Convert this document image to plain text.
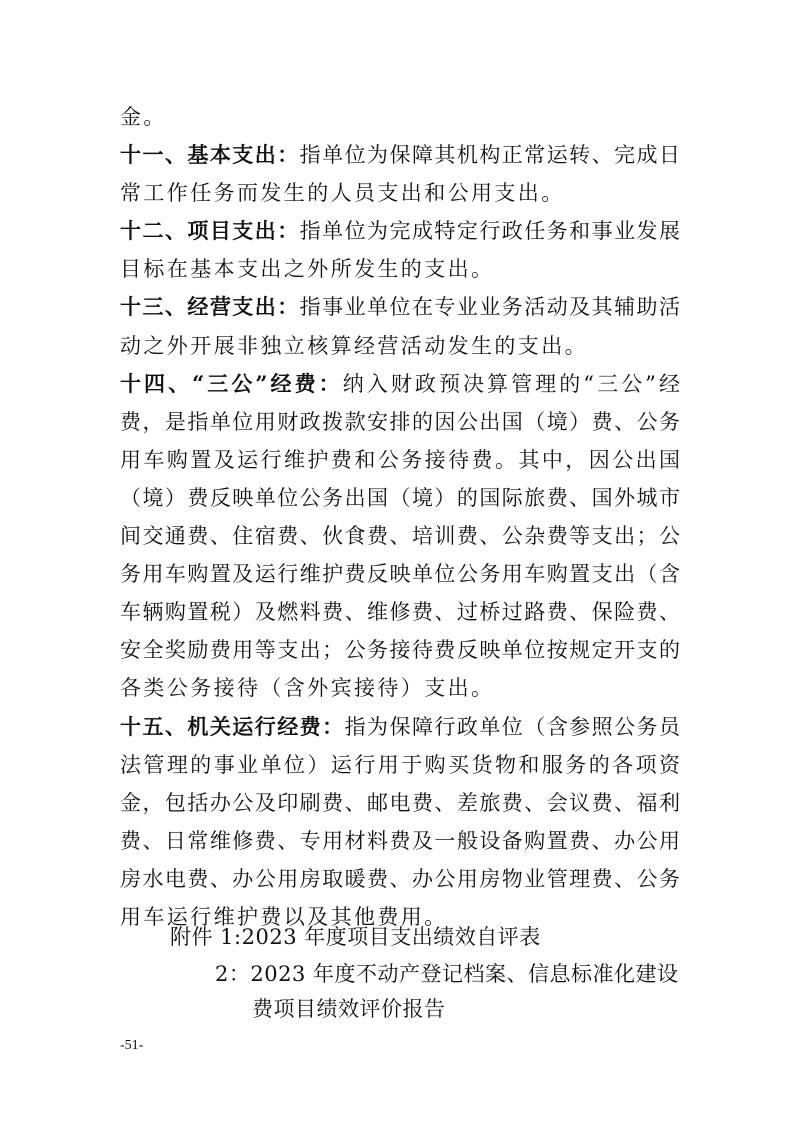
金。
十一、基本支出：指单位为保障其机构正常运转、完成日
常工作任务而发生的人员支出和公用支出。
十二、项目支出：指单位为完成特定行政任务和事业发展
目标在基本支出之外所发生的支出。
十三、经营支出：指事业单位在专业业务活动及其辅助活
动之外开展非独立核算经营活动发生的支出。
十四、“三公”经费：纳入财政预决算管理的“三公”经
费，是指单位用财政拨款安排的因公出国（境）费、公务
用车购置及运行维护费和公务接待费。其中，因公出国
（境）费反映单位公务出国（境）的国际旅费、国外城市
间交通费、住宿费、伙食费、培训费、公杂费等支出；公
务用车购置及运行维护费反映单位公务用车购置支出（含
车辆购置税）及燃料费、维修费、过桥过路费、保险费、
安全奖励费用等支出；公务接待费反映单位按规定开支的
各类公务接待（含外宾接待）支出。
十五、机关运行经费：指为保障行政单位（含参照公务员
法管理的事业单位）运行用于购买货物和服务的各项资
金，包括办公及印刷费、邮电费、差旅费、会议费、福利
费、日常维修费、专用材料费及一般设备购置费、办公用
房水电费、办公用房取暖费、办公用房物业管理费、公务
用车运行维护费以及其他费用。
附件 1:2023 年度项目支出绩效自评表
2：2023 年度不动产登记档案、信息标准化建设
费项目绩效评价报告
-51-
